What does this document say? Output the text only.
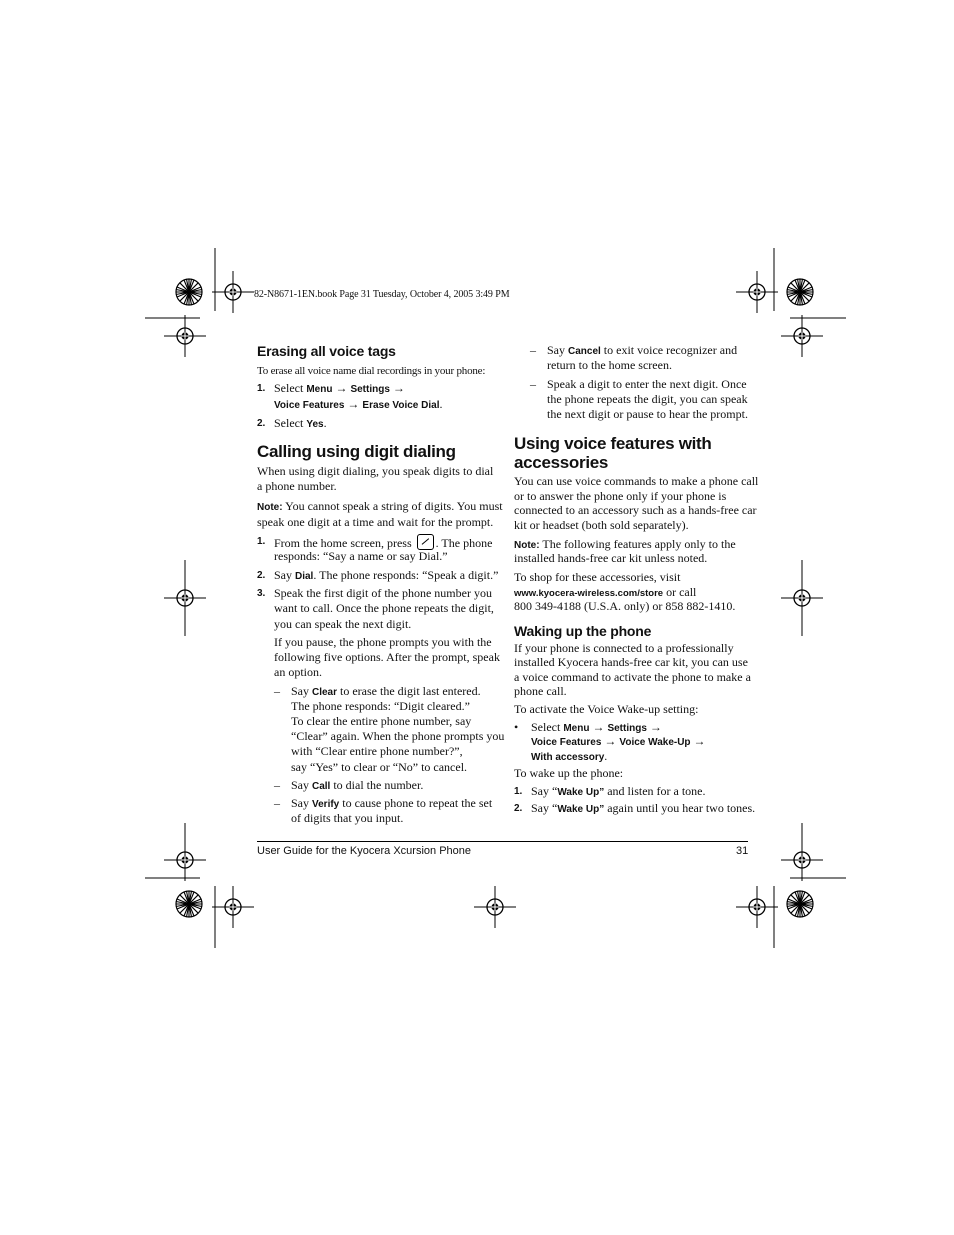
82-N8671-1EN.book Page 31 Tuesday, October 4, 2005 3:49 PM
Erasing all voice tags
To erase all voice name dial recordings in your phone:
1. Select Menu → Settings →
Voice Features → Erase Voice Dial.
2. Select Yes.
Calling using digit dialing
When using digit dialing, you speak digits to dial
a phone number.
Note: You cannot speak a string of digits. You must
speak one digit at a time and wait for the prompt.
1. From the home screen, press . The phone
responds: “Say a name or say Dial.”
2. Say Dial. The phone responds: “Speak a digit.”
3. Speak the first digit of the phone number you
want to call. Once the phone repeats the digit,
you can speak the next digit.
If you pause, the phone prompts you with the
following five options. After the prompt, speak
an option.
– Say Clear to erase the digit last entered.
The phone responds: “Digit cleared.”
To clear the entire phone number, say
“Clear” again. When the phone prompts you
with “Clear entire phone number?”,
say “Yes” to clear or “No” to cancel.
– Say Call to dial the number.
– Say Verify to cause phone to repeat the set
of digits that you input.
– Say Cancel to exit voice recognizer and
return to the home screen.
– Speak a digit to enter the next digit. Once
the phone repeats the digit, you can speak
the next digit or pause to hear the prompt.
Using voice features with
accessories
You can use voice commands to make a phone call
or to answer the phone only if your phone is
connected to an accessory such as a hands-free car
kit or headset (both sold separately).
Note: The following features apply only to the
installed hands-free car kit unless noted.
To shop for these accessories, visit
www.kyocera-wireless.com/store or call
800 349-4188 (U.S.A. only) or 858 882-1410.
Waking up the phone
If your phone is connected to a professionally
installed Kyocera hands-free car kit, you can use
a voice command to activate the phone to make a
phone call.
To activate the Voice Wake-up setting:
• Select Menu → Settings →
Voice Features → Voice Wake-Up →
With accessory.
To wake up the phone:
1. Say “Wake Up” and listen for a tone.
2. Say “Wake Up” again until you hear two tones.
User Guide for the Kyocera Xcursion Phone	31
